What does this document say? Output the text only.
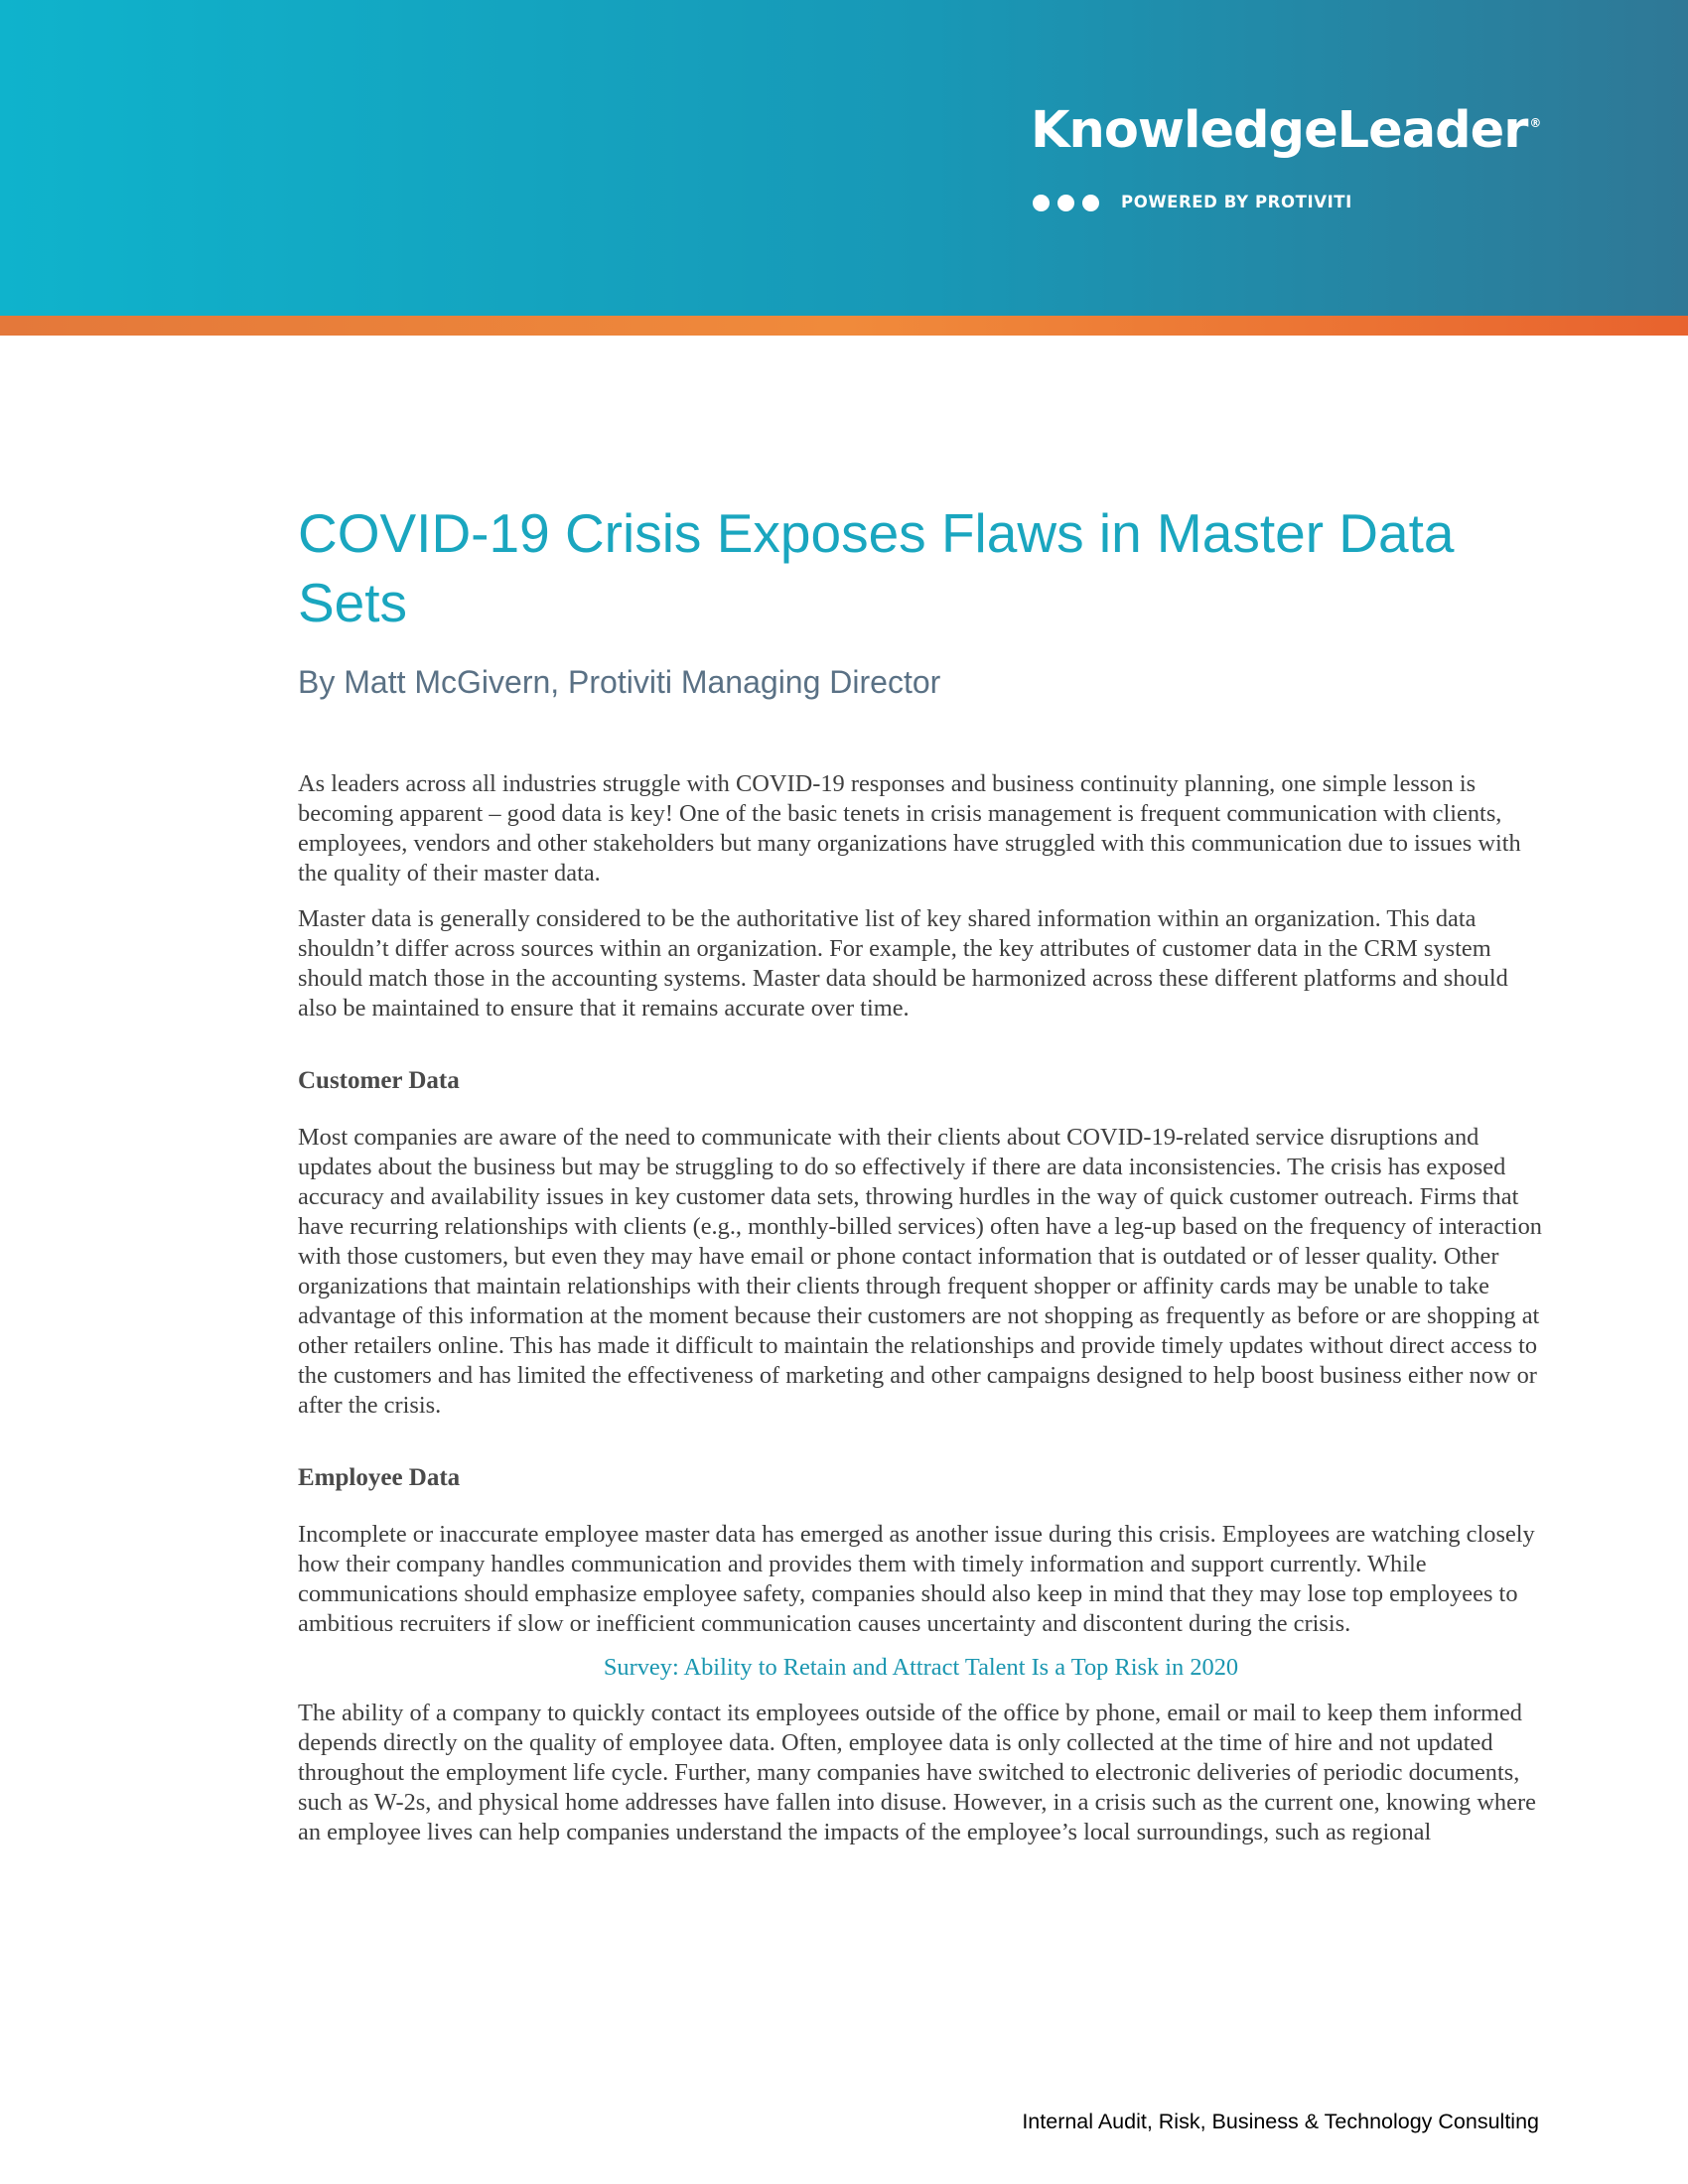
KnowledgeLeader ®
POWERED BY PROTIVITI
COVID-19 Crisis Exposes Flaws in Master Data Sets

By Matt McGivern, Protiviti Managing Director

As leaders across all industries struggle with COVID-19 responses and business continuity planning, one simple lesson is becoming apparent – good data is key! One of the basic tenets in crisis management is frequent communication with clients, employees, vendors and other stakeholders but many organizations have struggled with this communication due to issues with the quality of their master data.

Master data is generally considered to be the authoritative list of key shared information within an organization. This data shouldn’t differ across sources within an organization. For example, the key attributes of customer data in the CRM system should match those in the accounting systems. Master data should be harmonized across these different platforms and should also be maintained to ensure that it remains accurate over time.

Customer Data

Most companies are aware of the need to communicate with their clients about COVID-19-related service disruptions and updates about the business but may be struggling to do so effectively if there are data inconsistencies. The crisis has exposed accuracy and availability issues in key customer data sets, throwing hurdles in the way of quick customer outreach. Firms that have recurring relationships with clients (e.g., monthly-billed services) often have a leg-up based on the frequency of interaction with those customers, but even they may have email or phone contact information that is outdated or of lesser quality. Other organizations that maintain relationships with their clients through frequent shopper or affinity cards may be unable to take advantage of this information at the moment because their customers are not shopping as frequently as before or are shopping at other retailers online. This has made it difficult to maintain the relationships and provide timely updates without direct access to the customers and has limited the effectiveness of marketing and other campaigns designed to help boost business either now or after the crisis.

Employee Data

Incomplete or inaccurate employee master data has emerged as another issue during this crisis. Employees are watching closely how their company handles communication and provides them with timely information and support currently. While communications should emphasize employee safety, companies should also keep in mind that they may lose top employees to ambitious recruiters if slow or inefficient communication causes uncertainty and discontent during the crisis.

Survey: Ability to Retain and Attract Talent Is a Top Risk in 2020

The ability of a company to quickly contact its employees outside of the office by phone, email or mail to keep them informed depends directly on the quality of employee data. Often, employee data is only collected at the time of hire and not updated throughout the employment life cycle. Further, many companies have switched to electronic deliveries of periodic documents, such as W-2s, and physical home addresses have fallen into disuse. However, in a crisis such as the current one, knowing where an employee lives can help companies understand the impacts of the employee’s local surroundings, such as regional

Internal Audit, Risk, Business & Technology Consulting
